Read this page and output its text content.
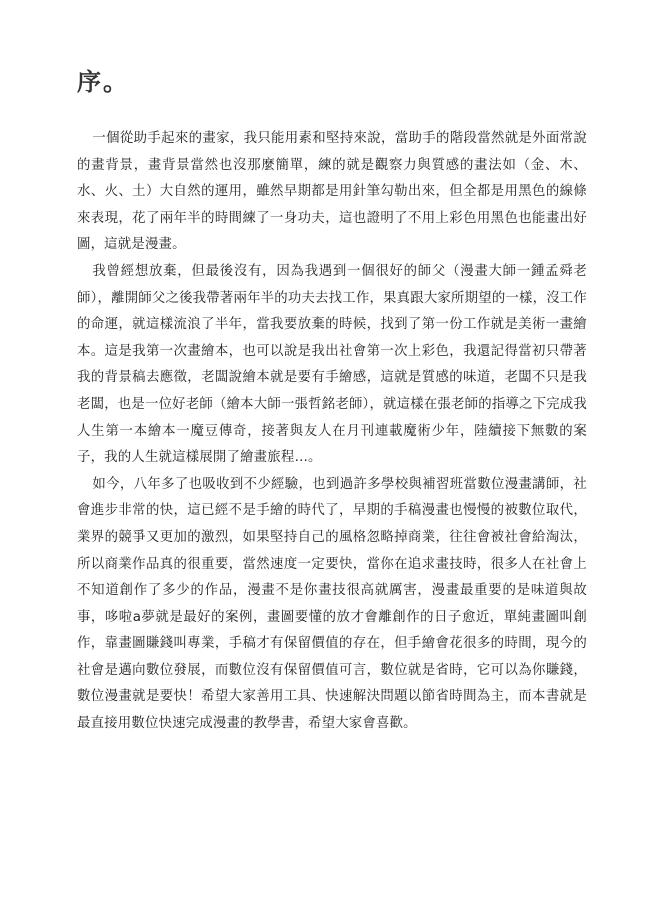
序。

一個從助手起來的畫家，我只能用素和堅持來說，當助手的階段當然就是外面常說的畫背景，畫背景當然也沒那麼簡單，練的就是觀察力與質感的畫法如（金、木、水、火、土）大自然的運用，雖然早期都是用針筆勾勒出來，但全都是用黑色的線條來表現，花了兩年半的時間練了一身功夫，這也證明了不用上彩色用黑色也能畫出好圖，這就是漫畫。

我曾經想放棄，但最後沒有，因為我遇到一個很好的師父（漫畫大師一鍾孟舜老師），離開師父之後我帶著兩年半的功夫去找工作，果真跟大家所期望的一樣，沒工作的命運，就這樣流浪了半年，當我要放棄的時候，找到了第一份工作就是美術一畫繪本。這是我第一次畫繪本，也可以說是我出社會第一次上彩色，我還記得當初只帶著我的背景稿去應徵，老闆說繪本就是要有手繪感，這就是質感的味道，老闆不只是我老闆，也是一位好老師（繪本大師一張哲銘老師），就這樣在張老師的指導之下完成我人生第一本繪本一魔豆傳奇，接著與友人在月刊連載魔術少年，陸續接下無數的案子，我的人生就這樣展開了繪畫旅程…。

如今，八年多了也吸收到不少經驗，也到過許多學校與補習班當數位漫畫講師，社會進步非常的快，這已經不是手繪的時代了，早期的手稿漫畫也慢慢的被數位取代，業界的競爭又更加的激烈，如果堅持自己的風格忽略掉商業，往往會被社會給淘汰，所以商業作品真的很重要，當然速度一定要快，當你在追求畫技時，很多人在社會上不知道創作了多少的作品，漫畫不是你畫技很高就厲害，漫畫最重要的是味道與故事，哆啦a夢就是最好的案例，畫圖要懂的放才會離創作的日子愈近，單純畫圖叫創作，靠畫圖賺錢叫專業，手稿才有保留價值的存在，但手繪會花很多的時間，現今的社會是邁向數位發展，而數位沒有保留價值可言，數位就是省時，它可以為你賺錢，數位漫畫就是要快！希望大家善用工具、快速解決問題以節省時間為主，而本書就是最直接用數位快速完成漫畫的教學書，希望大家會喜歡。
